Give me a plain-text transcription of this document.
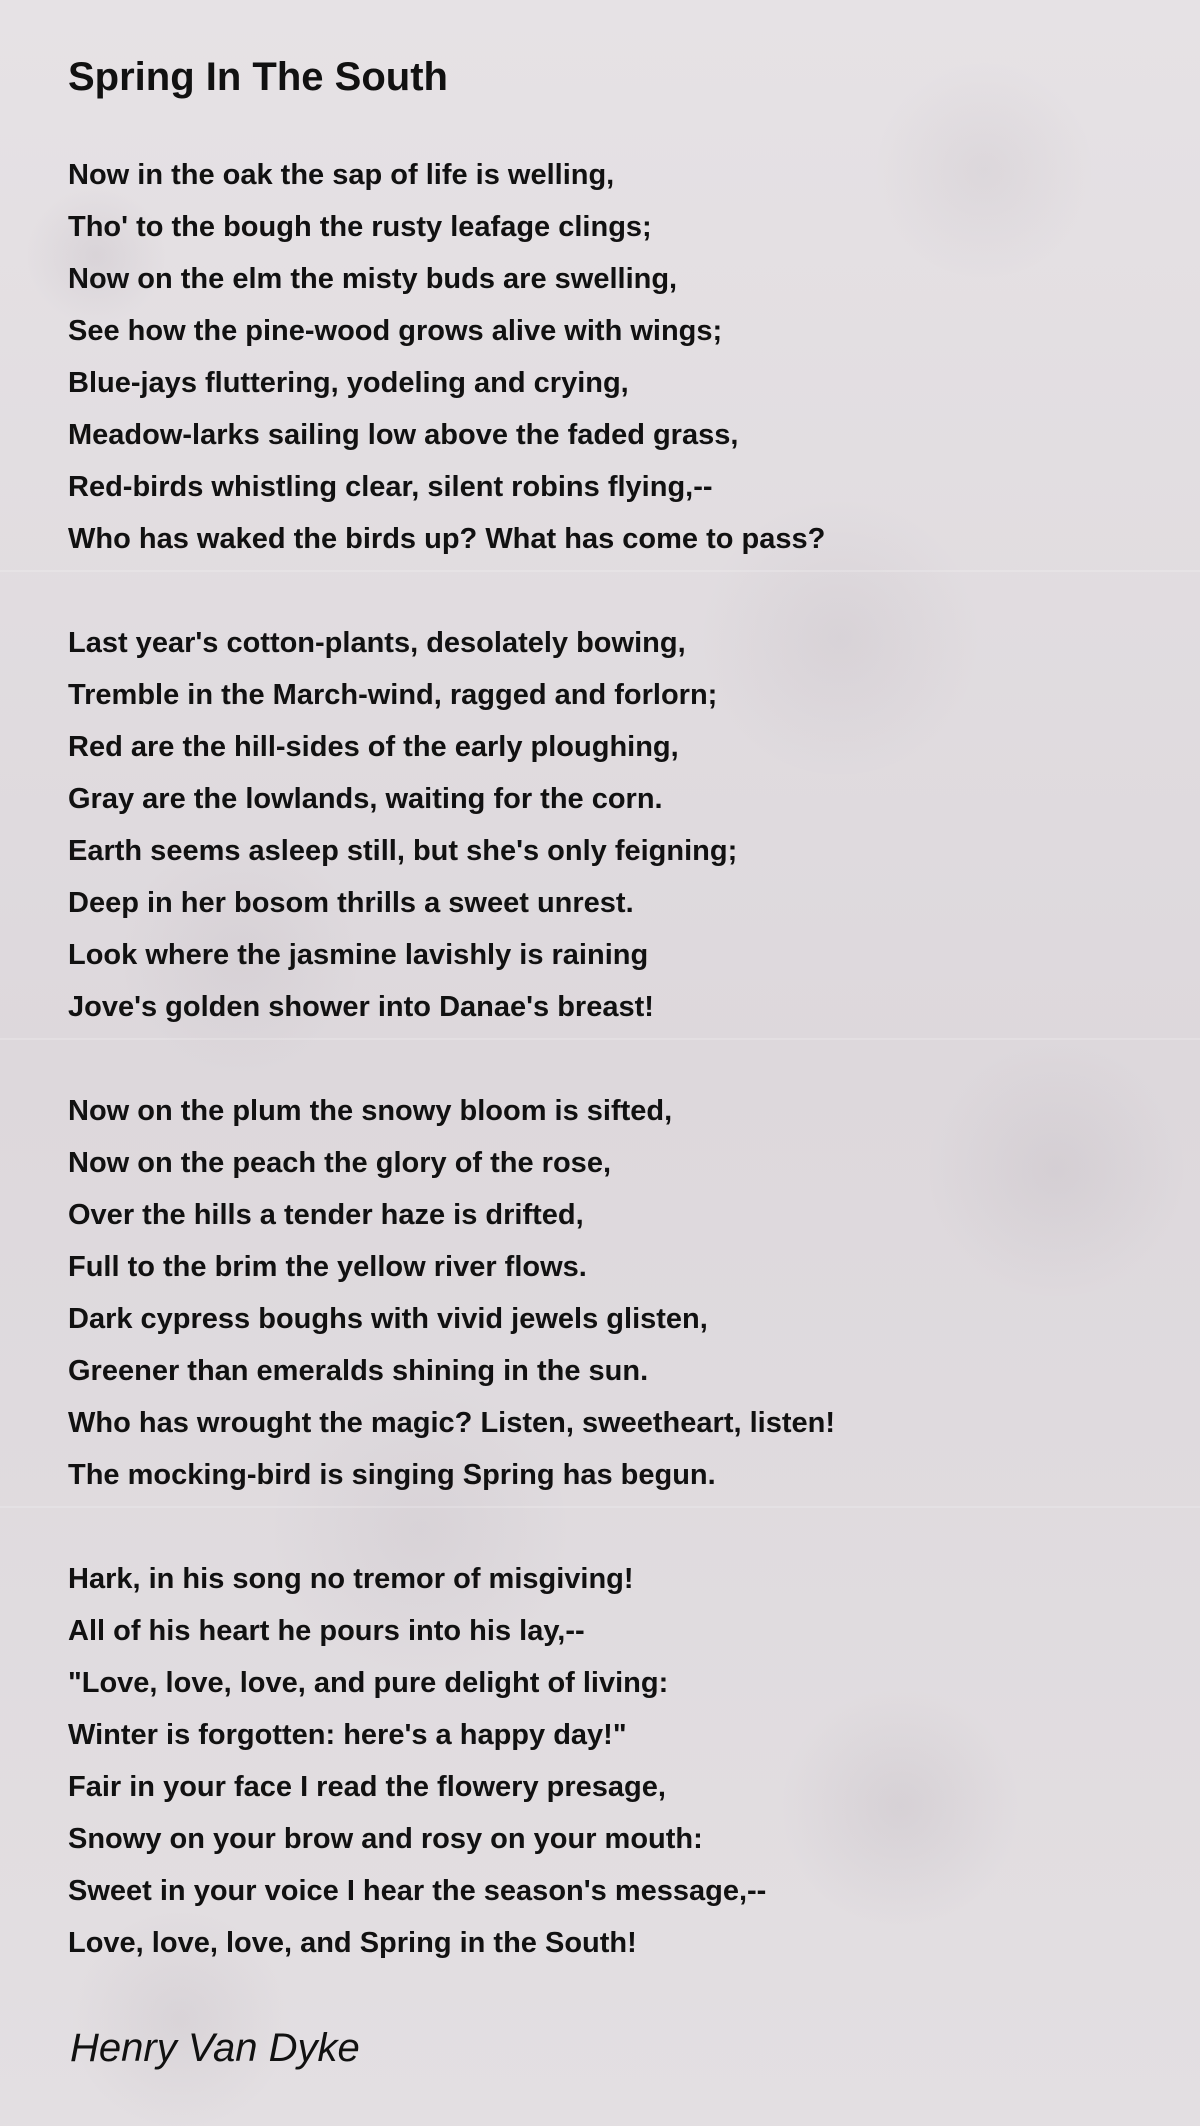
Spring In The South
Now in the oak the sap of life is welling,
Tho' to the bough the rusty leafage clings;
Now on the elm the misty buds are swelling,
See how the pine-wood grows alive with wings;
Blue-jays fluttering, yodeling and crying,
Meadow-larks sailing low above the faded grass,
Red-birds whistling clear, silent robins flying,--
Who has waked the birds up? What has come to pass?
Last year's cotton-plants, desolately bowing,
Tremble in the March-wind, ragged and forlorn;
Red are the hill-sides of the early ploughing,
Gray are the lowlands, waiting for the corn.
Earth seems asleep still, but she's only feigning;
Deep in her bosom thrills a sweet unrest.
Look where the jasmine lavishly is raining
Jove's golden shower into Danae's breast!
Now on the plum the snowy bloom is sifted,
Now on the peach the glory of the rose,
Over the hills a tender haze is drifted,
Full to the brim the yellow river flows.
Dark cypress boughs with vivid jewels glisten,
Greener than emeralds shining in the sun.
Who has wrought the magic? Listen, sweetheart, listen!
The mocking-bird is singing Spring has begun.
Hark, in his song no tremor of misgiving!
All of his heart he pours into his lay,--
"Love, love, love, and pure delight of living:
Winter is forgotten: here's a happy day!"
Fair in your face I read the flowery presage,
Snowy on your brow and rosy on your mouth:
Sweet in your voice I hear the season's message,--
Love, love, love, and Spring in the South!
Henry Van Dyke
